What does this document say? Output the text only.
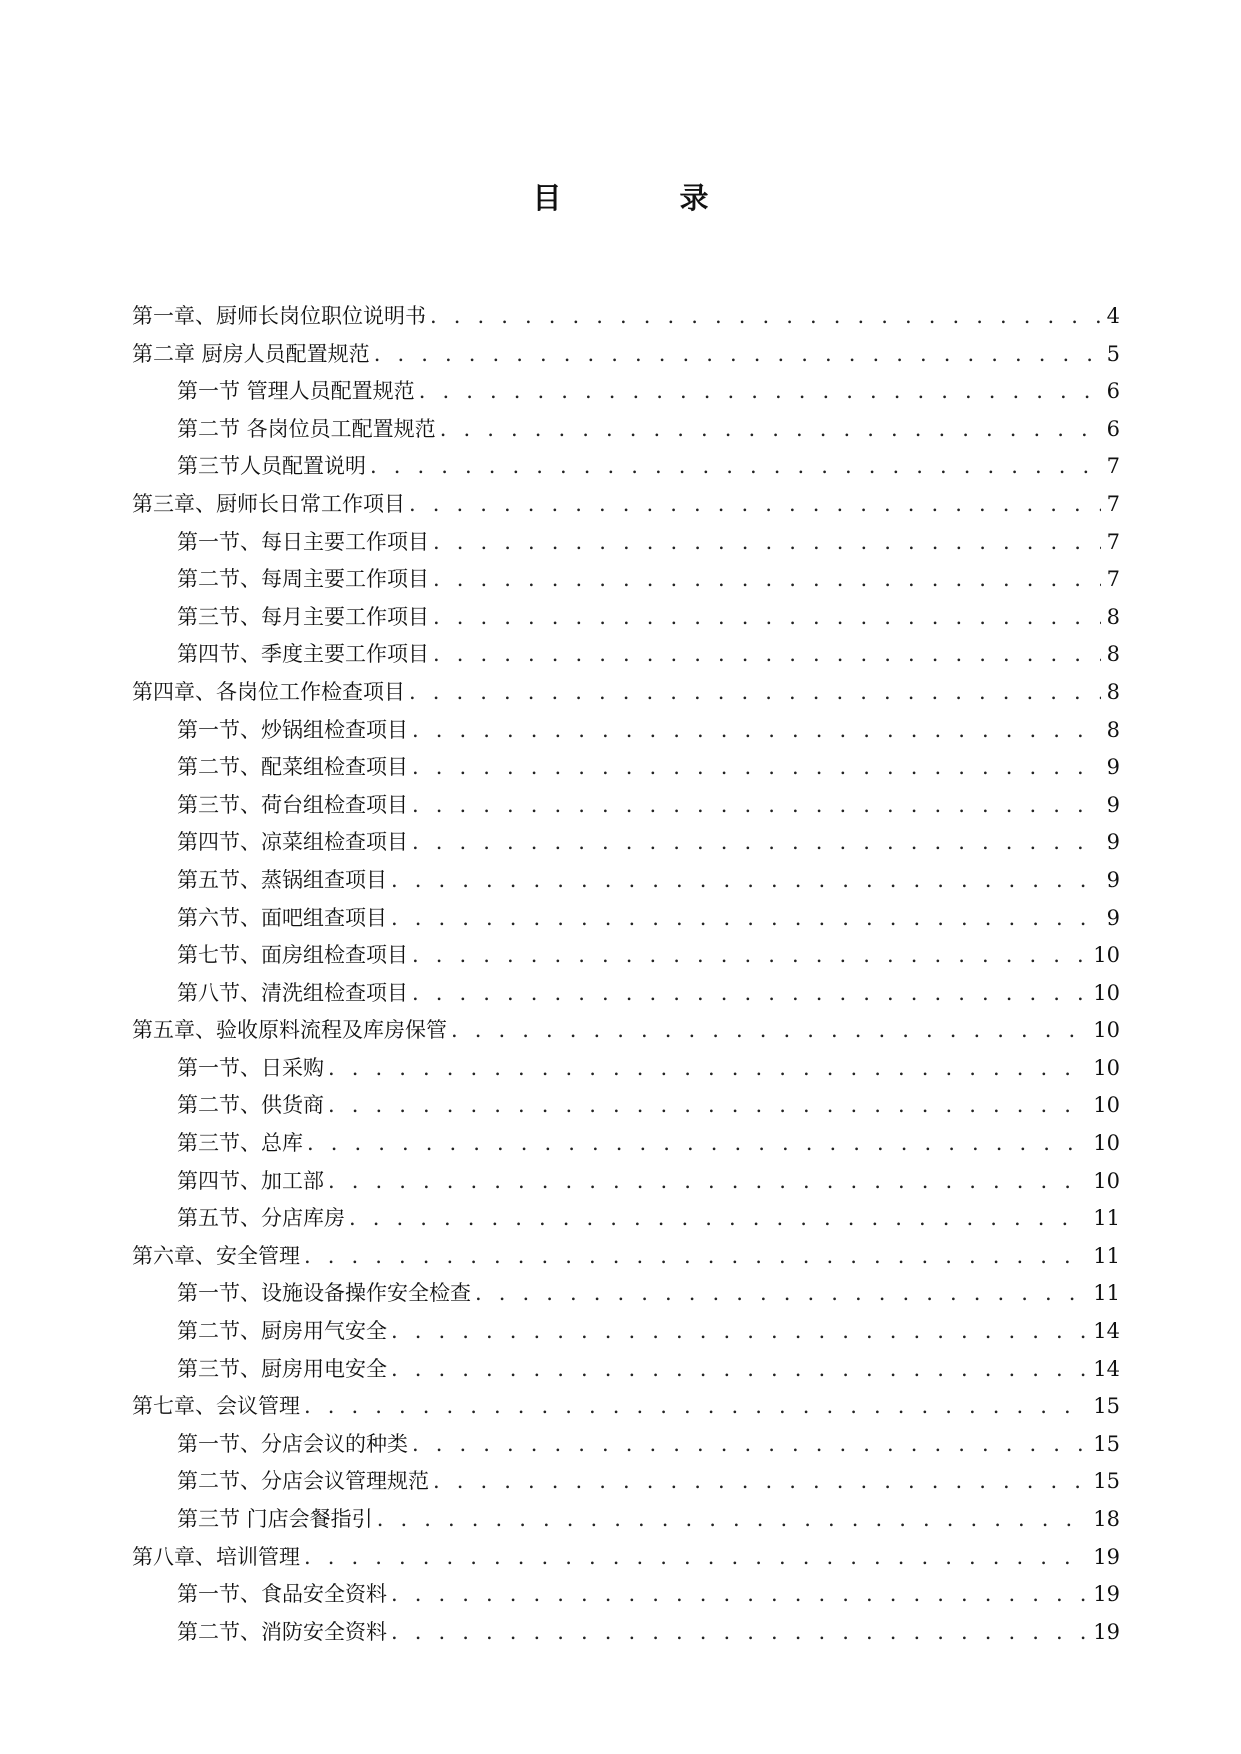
目 录
第一章、厨师长岗位职位说明书 . . .	4
第二章 厨房人员配置规范 . . .	5
第一节 管理人员配置规范 . . .	6
第二节 各岗位员工配置规范 . . .	6
第三节人员配置说明 . . .	7
第三章、厨师长日常工作项目 . . .	7
第一节、每日主要工作项目 . . .	7
第二节、每周主要工作项目 . . .	7
第三节、每月主要工作项目 . . .	8
第四节、季度主要工作项目 . . .	8
第四章、各岗位工作检查项目 . . .	8
第一节、炒锅组检查项目 . . .	8
第二节、配菜组检查项目 . . .	9
第三节、荷台组检查项目 . . .	9
第四节、凉菜组检查项目 . . .	9
第五节、蒸锅组查项目 . . .	9
第六节、面吧组查项目 . . .	9
第七节、面房组检查项目 . . .	10
第八节、清洗组检查项目 . . .	10
第五章、验收原料流程及库房保管 . . .	10
第一节、日采购 . . .	10
第二节、供货商 . . .	10
第三节、总库 . . .	10
第四节、加工部 . . .	10
第五节、分店库房 . . .	11
第六章、安全管理 . . .	11
第一节、设施设备操作安全检查 . . .	11
第二节、厨房用气安全 . . .	14
第三节、厨房用电安全 . . .	14
第七章、会议管理 . . .	15
第一节、分店会议的种类 . . .	15
第二节、分店会议管理规范 . . .	15
第三节 门店会餐指引 . . .	18
第八章、培训管理 . . .	19
第一节、食品安全资料 . . .	19
第二节、消防安全资料 . . .	19
